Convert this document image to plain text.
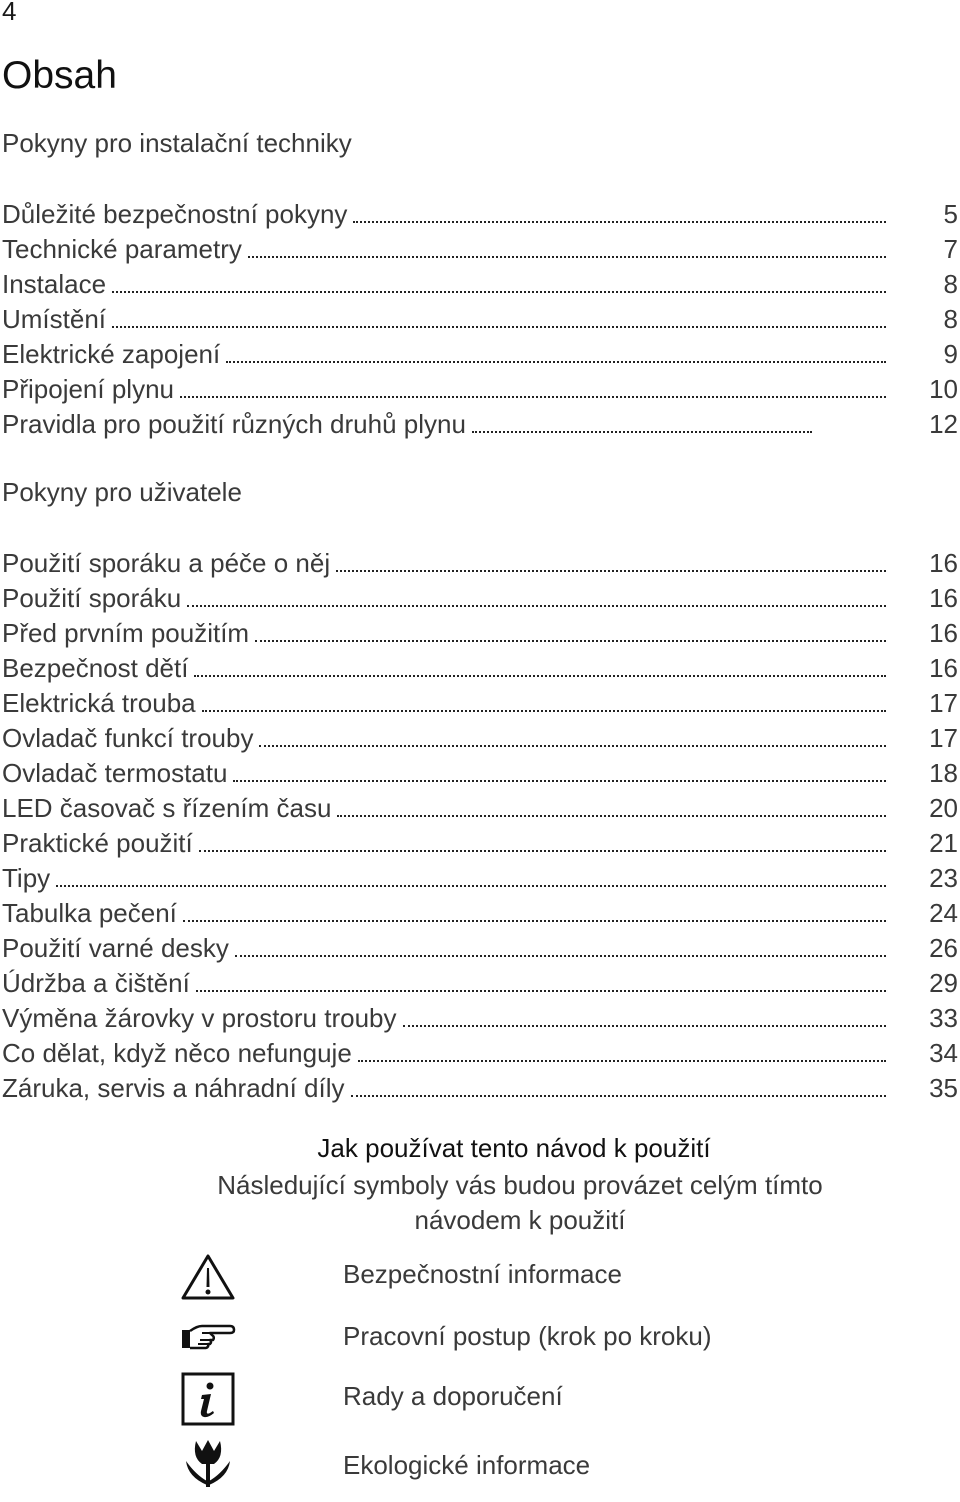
4
Obsah
Pokyny pro instalační techniky
Důležité bezpečnostní pokyny	5
Technické parametry	7
Instalace	8
Umístění	8
Elektrické zapojení	9
Připojení plynu	10
Pravidla pro použití různých druhů plynu	12
Pokyny pro uživatele
Použití sporáku a péče o něj	16
Použití sporáku	16
Před prvním použitím	16
Bezpečnost dětí	16
Elektrická trouba	17
Ovladač funkcí trouby	17
Ovladač termostatu	18
LED časovač s řízením času	20
Praktické použití	21
Tipy	23
Tabulka pečení	24
Použití varné desky	26
Údržba a čištění	29
Výměna žárovky v prostoru trouby	33
Co dělat, když něco nefunguje	34
Záruka, servis a náhradní díly	35
Jak používat tento návod k použití
Následující symboly vás budou provázet celým tímto návodem k použití
Bezpečnostní informace
Pracovní postup (krok po kroku)
Rady a doporučení
Ekologické informace
